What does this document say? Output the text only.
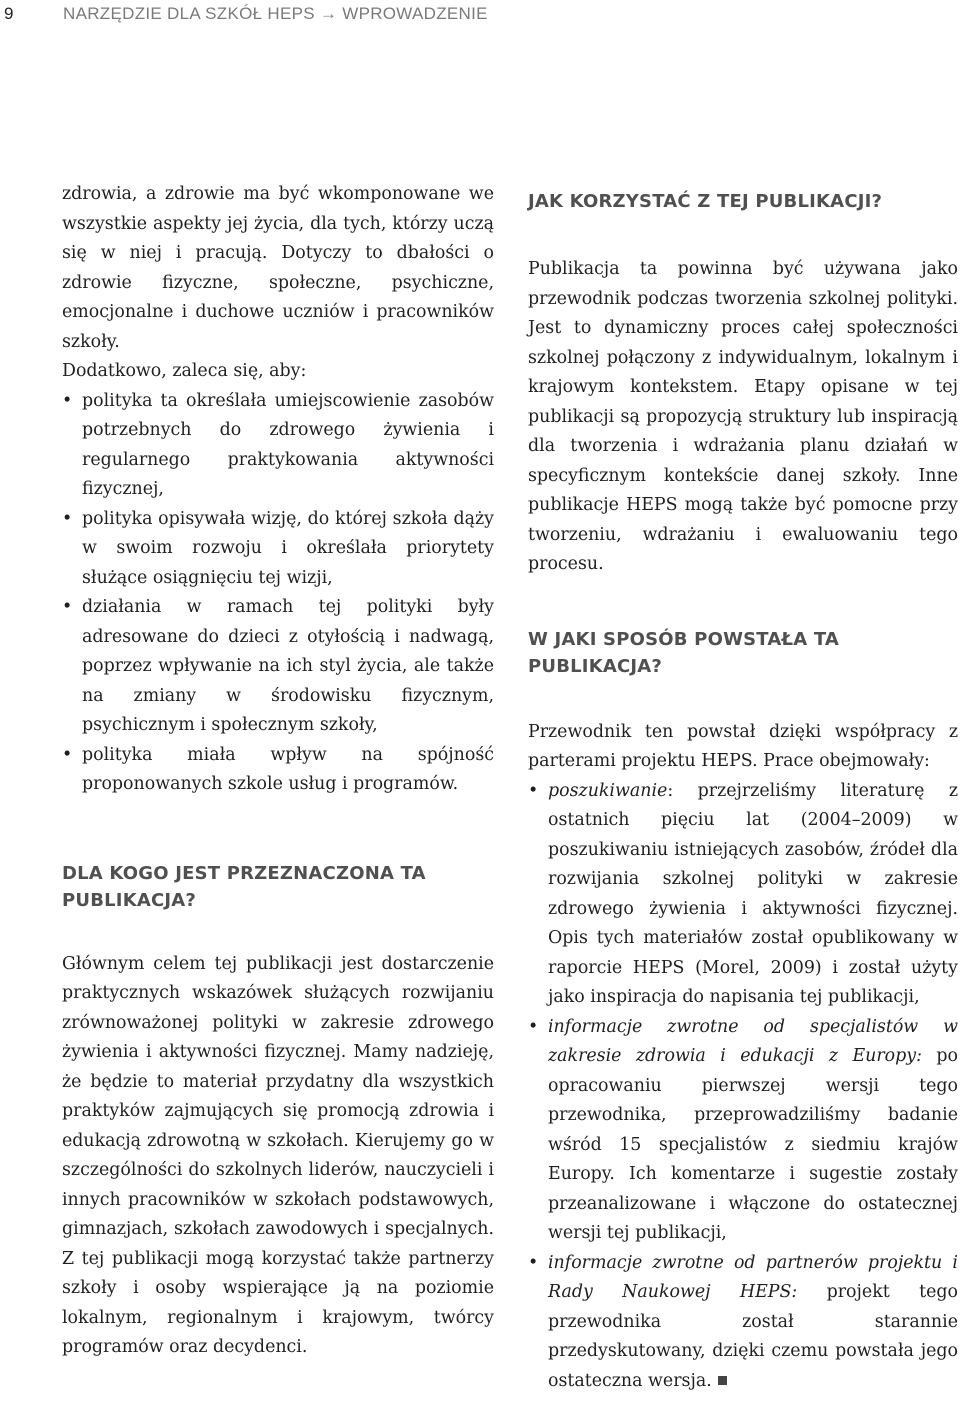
9	NARZĘDZIE DLA SZKÓŁ HEPS → WPROWADZENIE

zdrowia, a zdrowie ma być wkomponowane we wszystkie aspekty jej życia, dla tych, którzy uczą się w niej i pracują. Dotyczy to dbałości o zdrowie fizyczne, społeczne, psychiczne, emocjonalne i duchowe uczniów i pracowników szkoły.

Dodatkowo, zaleca się, aby:

• polityka ta określała umiejscowienie zasobów potrzebnych do zdrowego żywienia i regularnego praktykowania aktywności fizycznej,
• polityka opisywała wizję, do której szkoła dąży w swoim rozwoju i określała priorytety służące osiągnięciu tej wizji,
• działania w ramach tej polityki były adresowane do dzieci z otyłością i nadwagą, poprzez wpływanie na ich styl życia, ale także na zmiany w środowisku fizycznym, psychicznym i społecznym szkoły,
• polityka miała wpływ na spójność proponowanych szkole usług i programów.
DLA KOGO JEST PRZEZNACZONA TA PUBLIKACJA?

Głównym celem tej publikacji jest dostarczenie praktycznych wskazówek służących rozwijaniu zrównoważonej polityki w zakresie zdrowego żywienia i aktywności fizycznej. Mamy nadzieję, że będzie to materiał przydatny dla wszystkich praktyków zajmujących się promocją zdrowia i edukacją zdrowotną w szkołach. Kierujemy go w szczególności do szkolnych liderów, nauczycieli i innych pracowników w szkołach podstawowych, gimnazjach, szkołach zawodowych i specjalnych. Z tej publikacji mogą korzystać także partnerzy szkoły i osoby wspierające ją na poziomie lokalnym, regionalnym i krajowym, twórcy programów oraz decydenci.

JAK KORZYSTAĆ Z TEJ PUBLIKACJI?

Publikacja ta powinna być używana jako przewodnik podczas tworzenia szkolnej polityki. Jest to dynamiczny proces całej społeczności szkolnej połączony z indywidualnym, lokalnym i krajowym kontekstem. Etapy opisane w tej publikacji są propozycją struktury lub inspiracją dla tworzenia i wdrażania planu działań w specyficznym kontekście danej szkoły. Inne publikacje HEPS mogą także być pomocne przy tworzeniu, wdrażaniu i ewaluowaniu tego procesu.

W JAKI SPOSÓB POWSTAŁA TA PUBLIKACJA?

Przewodnik ten powstał dzięki współpracy z parterami projektu HEPS. Prace obejmowały:

• poszukiwanie: przejrzeliśmy literaturę z ostatnich pięciu lat (2004–2009) w poszukiwaniu istniejących zasobów, źródeł dla rozwijania szkolnej polityki w zakresie zdrowego żywienia i aktywności fizycznej. Opis tych materiałów został opublikowany w raporcie HEPS (Morel, 2009) i został użyty jako inspiracja do napisania tej publikacji,
• informacje zwrotne od specjalistów w zakresie zdrowia i edukacji z Europy: po opracowaniu pierwszej wersji tego przewodnika, przeprowadziliśmy badanie wśród 15 specjalistów z siedmiu krajów Europy. Ich komentarze i sugestie zostały przeanalizowane i włączone do ostatecznej wersji tej publikacji,
• informacje zwrotne od partnerów projektu i Rady Naukowej HEPS: projekt tego przewodnika został starannie przedyskutowany, dzięki czemu powstała jego ostateczna wersja.
